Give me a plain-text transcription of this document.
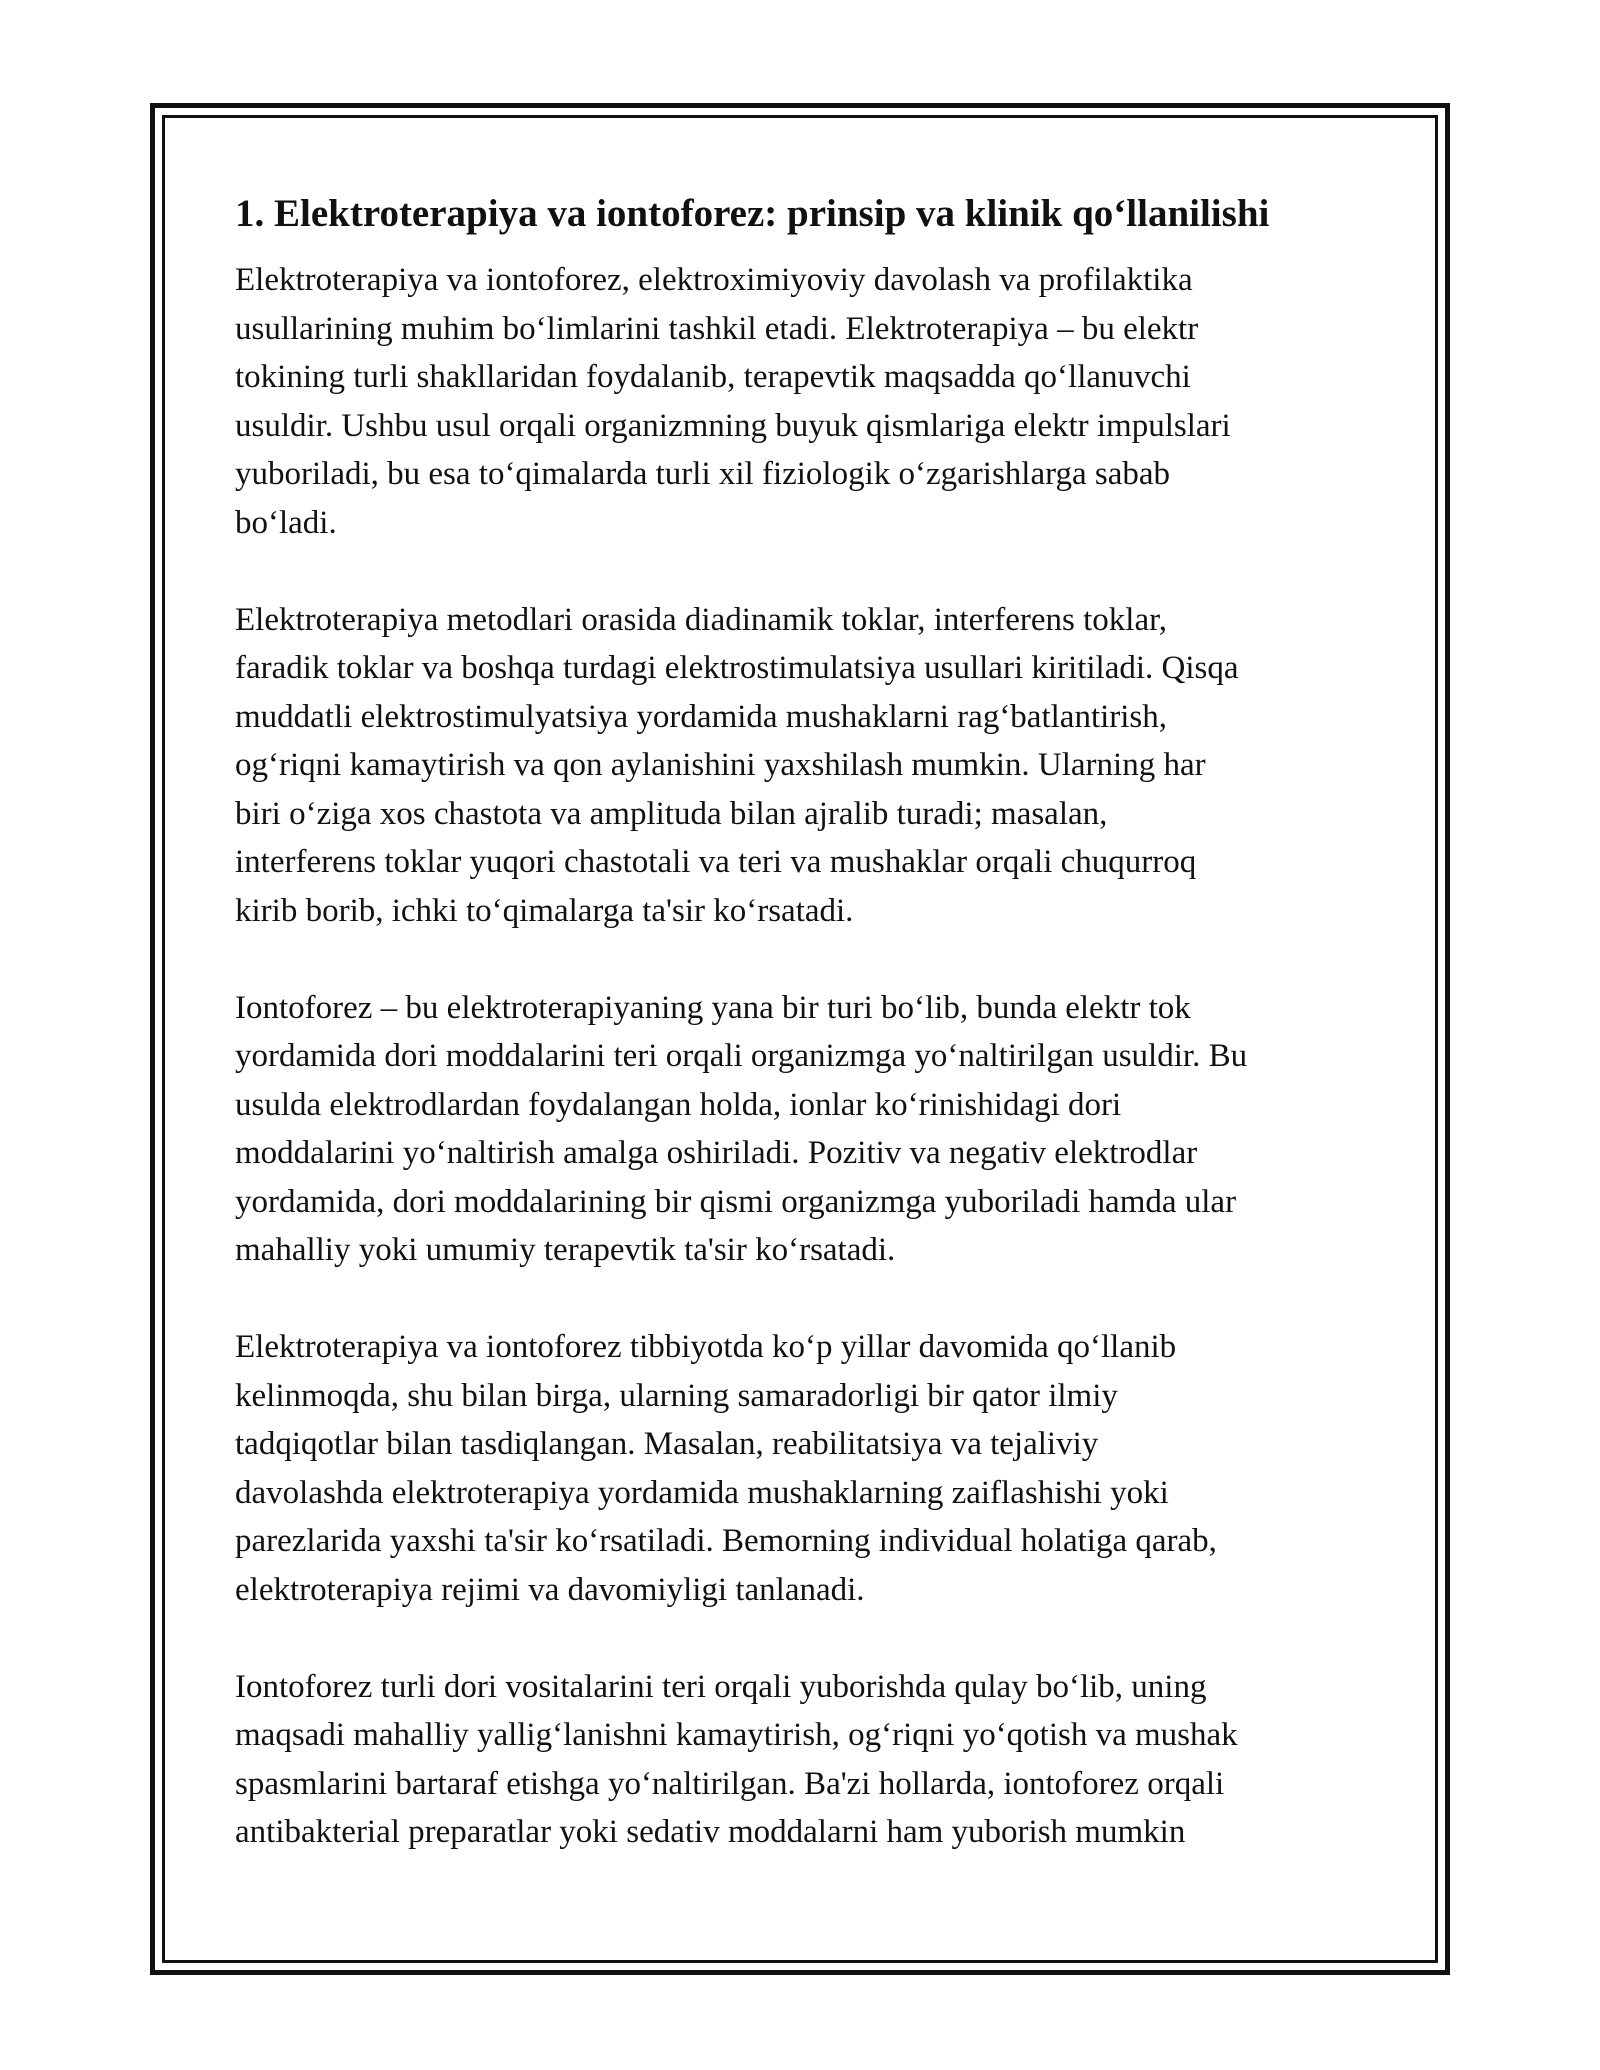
1. Elektroterapiya va iontoforez: prinsip va klinik qo‘llanilishi
Elektroterapiya va iontoforez, elektroximiyoviy davolash va profilaktika
usullarining muhim bo‘limlarini tashkil etadi. Elektroterapiya – bu elektr
tokining turli shakllaridan foydalanib, terapevtik maqsadda qo‘llanuvchi
usuldir. Ushbu usul orqali organizmning buyuk qismlariga elektr impulslari
yuboriladi, bu esa to‘qimalarda turli xil fiziologik o‘zgarishlarga sabab
bo‘ladi.
Elektroterapiya metodlari orasida diadinamik toklar, interferens toklar,
faradik toklar va boshqa turdagi elektrostimulatsiya usullari kiritiladi. Qisqa
muddatli elektrostimulyatsiya yordamida mushaklarni rag‘batlantirish,
og‘riqni kamaytirish va qon aylanishini yaxshilash mumkin. Ularning har
biri o‘ziga xos chastota va amplituda bilan ajralib turadi; masalan,
interferens toklar yuqori chastotali va teri va mushaklar orqali chuqurroq
kirib borib, ichki to‘qimalarga ta'sir ko‘rsatadi.
Iontoforez – bu elektroterapiyaning yana bir turi bo‘lib, bunda elektr tok
yordamida dori moddalarini teri orqali organizmga yo‘naltirilgan usuldir. Bu
usulda elektrodlardan foydalangan holda, ionlar ko‘rinishidagi dori
moddalarini yo‘naltirish amalga oshiriladi. Pozitiv va negativ elektrodlar
yordamida, dori moddalarining bir qismi organizmga yuboriladi hamda ular
mahalliy yoki umumiy terapevtik ta'sir ko‘rsatadi.
Elektroterapiya va iontoforez tibbiyotda ko‘p yillar davomida qo‘llanib
kelinmoqda, shu bilan birga, ularning samaradorligi bir qator ilmiy
tadqiqotlar bilan tasdiqlangan. Masalan, reabilitatsiya va tejaliviy
davolashda elektroterapiya yordamida mushaklarning zaiflashishi yoki
parezlarida yaxshi ta'sir ko‘rsatiladi. Bemorning individual holatiga qarab,
elektroterapiya rejimi va davomiyligi tanlanadi.
Iontoforez turli dori vositalarini teri orqali yuborishda qulay bo‘lib, uning
maqsadi mahalliy yallig‘lanishni kamaytirish, og‘riqni yo‘qotish va mushak
spasmlarini bartaraf etishga yo‘naltirilgan. Ba'zi hollarda, iontoforez orqali
antibakterial preparatlar yoki sedativ moddalarni ham yuborish mumkin
